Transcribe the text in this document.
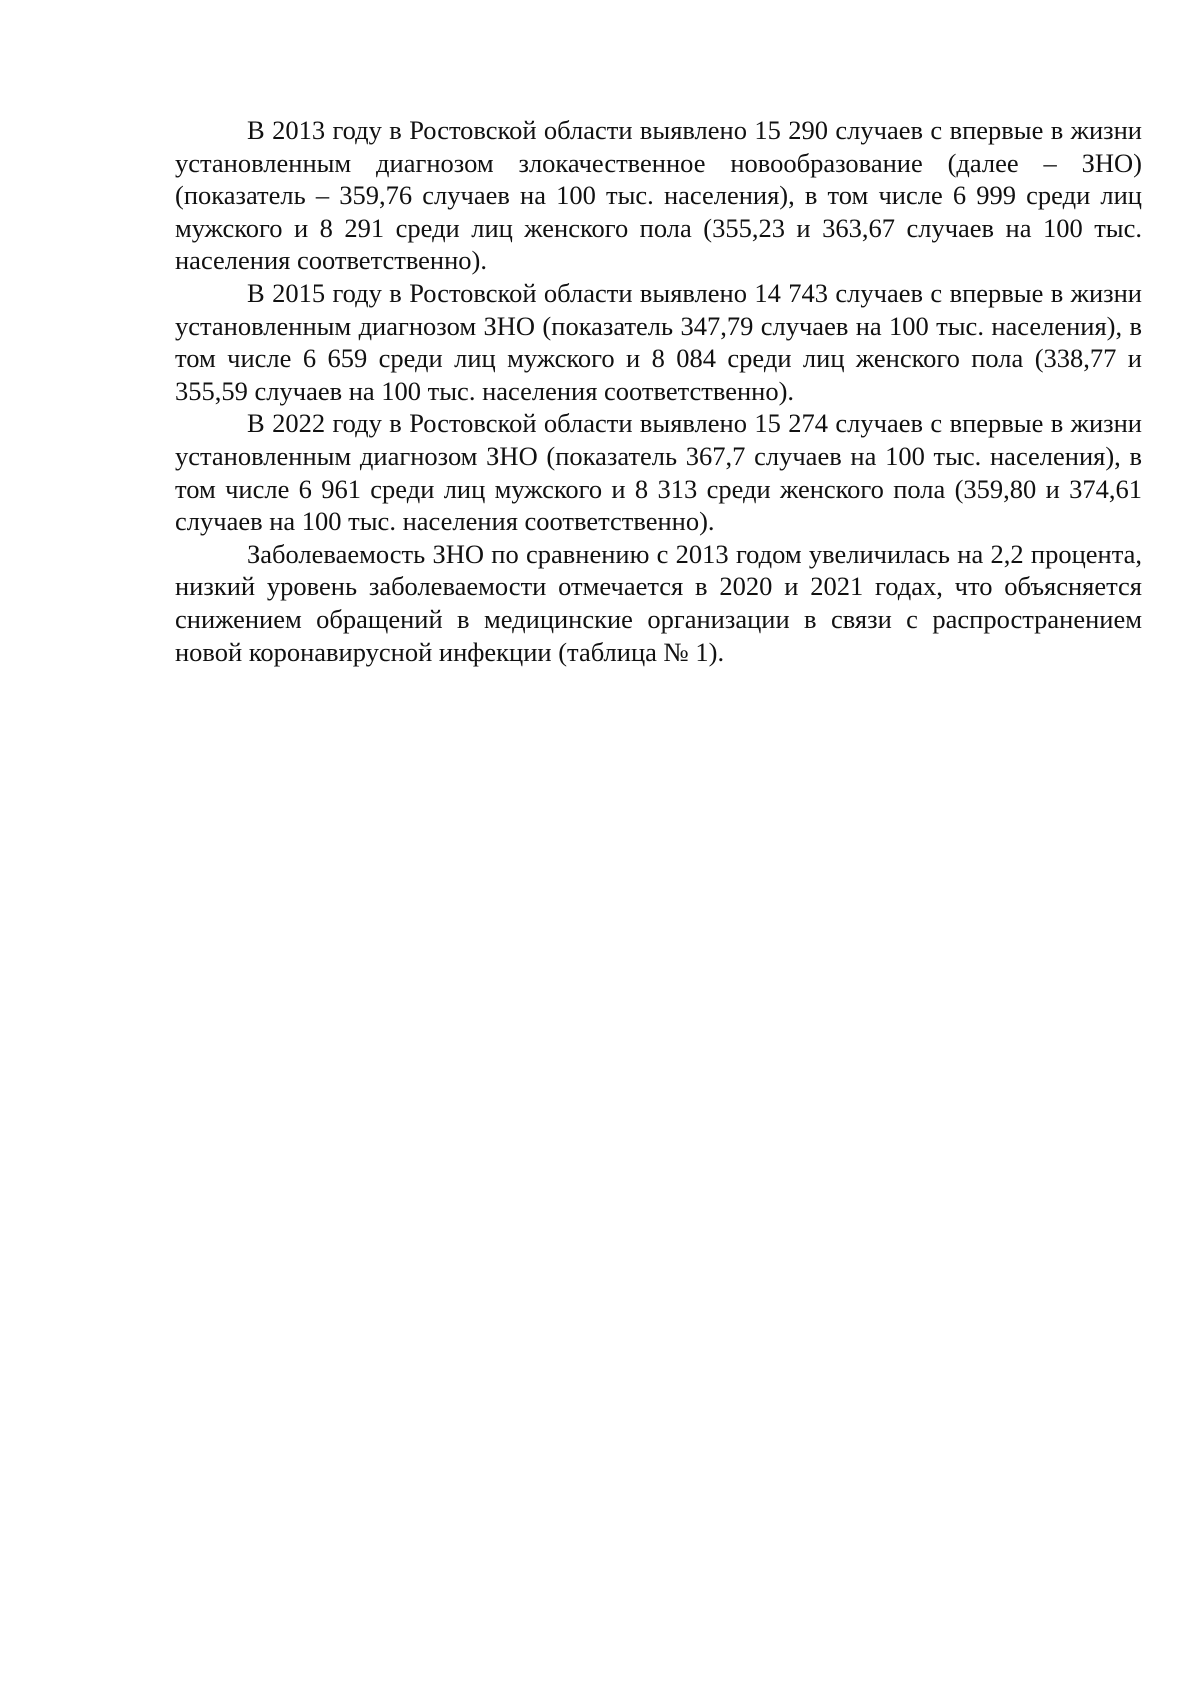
В 2013 году в Ростовской области выявлено 15 290 случаев с впервые в жизни установленным диагнозом злокачественное новообразование (далее – ЗНО) (показатель – 359,76 случаев на 100 тыс. населения), в том числе 6 999 среди лиц мужского и 8 291 среди лиц женского пола (355,23 и 363,67 случаев на 100 тыс. населения соответственно).

В 2015 году в Ростовской области выявлено 14 743 случаев с впервые в жизни установленным диагнозом ЗНО (показатель 347,79 случаев на 100 тыс. населения), в том числе 6 659 среди лиц мужского и 8 084 среди лиц женского пола (338,77 и 355,59 случаев на 100 тыс. населения соответственно).

В 2022 году в Ростовской области выявлено 15 274 случаев с впервые в жизни установленным диагнозом ЗНО (показатель 367,7 случаев на 100 тыс. населения), в том числе 6 961 среди лиц мужского и 8 313 среди женского пола (359,80 и 374,61 случаев на 100 тыс. населения соответственно).

Заболеваемость ЗНО по сравнению с 2013 годом увеличилась на 2,2 процента, низкий уровень заболеваемости отмечается в 2020 и 2021 годах, что объясняется снижением обращений в медицинские организации в связи с распространением новой коронавирусной инфекции (таблица № 1).
